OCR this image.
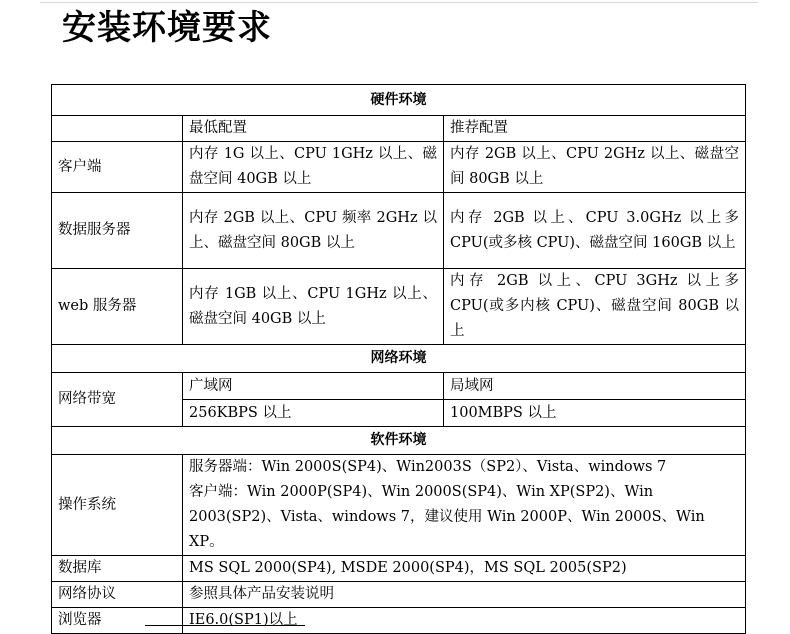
安装环境要求
硬件环境		
	最低配置	推荐配置
客户端	内存 1G 以上、CPU 1GHz 以上、磁盘空间 40GB 以上	内存 2GB 以上、CPU 2GHz 以上、磁盘空间 80GB 以上
数据服务器	内存 2GB 以上、CPU 频率 2GHz 以上、磁盘空间 80GB 以上	内存 2GB 以上、CPU 3.0GHz 以上多 CPU(或多核 CPU)、磁盘空间 160GB 以上
web 服务器	内存 1GB 以上、CPU 1GHz 以上、磁盘空间 40GB 以上	内存 2GB 以上、CPU 3GHz 以上多 CPU(或多内核 CPU)、磁盘空间 80GB 以上
网络环境		
网络带宽	广域网	局域网
	256KBPS 以上	100MBPS 以上
软件环境		
操作系统	服务器端：Win 2000S(SP4)、Win2003S（SP2）、Vista、windows 7
客户端：Win 2000P(SP4)、Win 2000S(SP4)、Win XP(SP2)、Win 2003(SP2)、Vista、windows 7，建议使用 Win 2000P、Win 2000S、Win XP。	

数据库	MS SQL 2000(SP4), MSDE 2000(SP4)，MS SQL 2005(SP2)	
网络协议	参照具体产品安装说明	
浏览器	IE6.0(SP1)以上	
